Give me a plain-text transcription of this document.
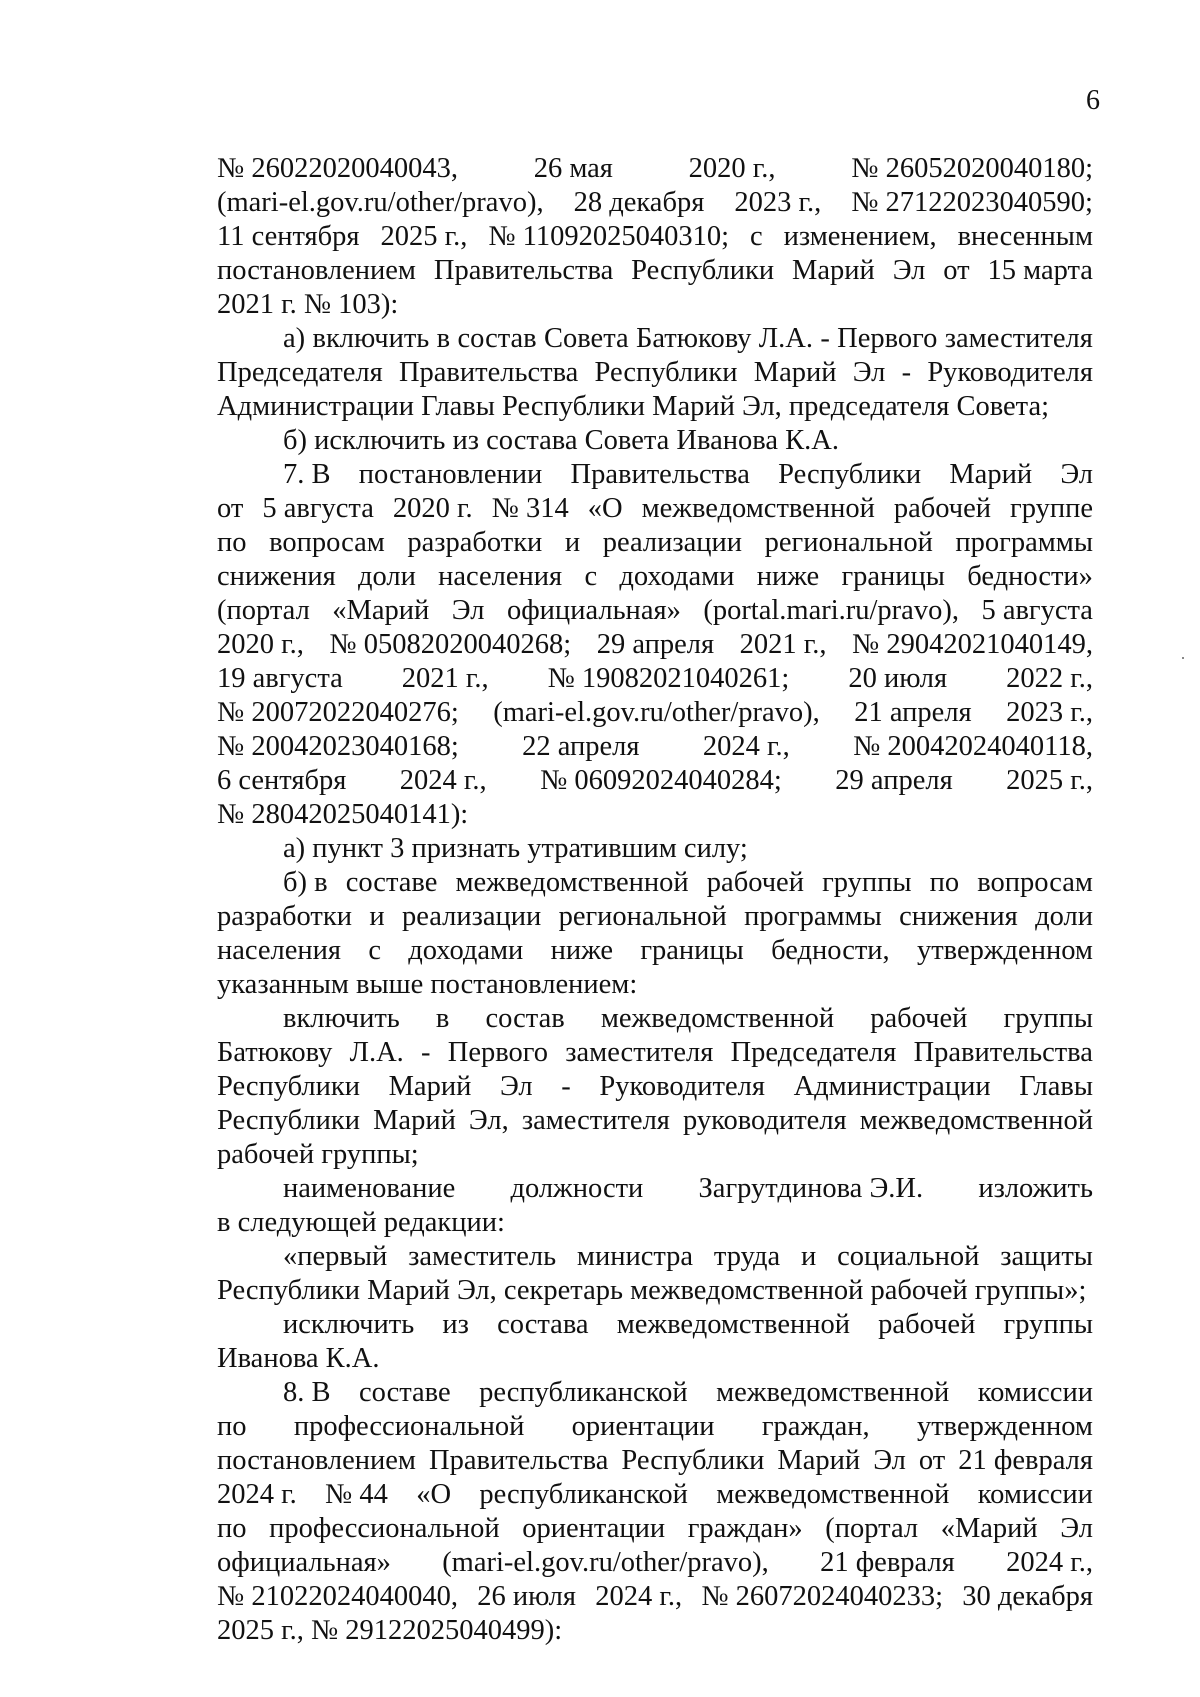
6
№ 26022020040043,	26 мая	2020 г.,	№ 26052020040180;
(mari-el.gov.ru/other/pravo), 28 декабря 2023 г., № 27122023040590;
11 сентября 2025 г., № 11092025040310; с изменением, внесенным
постановлением Правительства Республики Марий Эл от 15 марта
2021 г. № 103):
а) включить в состав Совета Батюкову Л.А. - Первого заместителя
Председателя Правительства Республики Марий Эл - Руководителя
Администрации Главы Республики Марий Эл, председателя Совета;
б) исключить из состава Совета Иванова К.А.
7. В постановлении Правительства Республики Марий Эл
от 5 августа 2020 г. № 314 «О межведомственной рабочей группе
по вопросам разработки и реализации региональной программы
снижения доли населения с доходами ниже границы бедности»
(портал «Марий Эл официальная» (portal.mari.ru/pravo), 5 августа
2020 г., № 05082020040268; 29 апреля 2021 г., № 29042021040149,
19 августа 2021 г., № 19082021040261; 20 июля 2022 г.,
№ 20072022040276; (mari-el.gov.ru/other/pravo), 21 апреля 2023 г.,
№ 20042023040168; 22 апреля 2024 г., № 20042024040118,
6 сентября 2024 г., № 06092024040284; 29 апреля 2025 г.,
№ 28042025040141):
а) пункт 3 признать утратившим силу;
б) в составе межведомственной рабочей группы по вопросам
разработки и реализации региональной программы снижения доли
населения с доходами ниже границы бедности, утвержденном
указанным выше постановлением:
включить в состав межведомственной рабочей группы
Батюкову Л.А. - Первого заместителя Председателя Правительства
Республики Марий Эл - Руководителя Администрации Главы
Республики Марий Эл, заместителя руководителя межведомственной
рабочей группы;
наименование должности Загрутдинова Э.И. изложить
в следующей редакции:
«первый заместитель министра труда и социальной защиты
Республики Марий Эл, секретарь межведомственной рабочей группы»;
исключить из состава межведомственной рабочей группы
Иванова К.А.
8. В составе республиканской межведомственной комиссии
по профессиональной ориентации граждан, утвержденном
постановлением Правительства Республики Марий Эл от 21 февраля
2024 г. № 44 «О республиканской межведомственной комиссии
по профессиональной ориентации граждан» (портал «Марий Эл
официальная» (mari-el.gov.ru/other/pravo), 21 февраля 2024 г.,
№ 21022024040040, 26 июля 2024 г., № 26072024040233; 30 декабря
2025 г., № 29122025040499):
